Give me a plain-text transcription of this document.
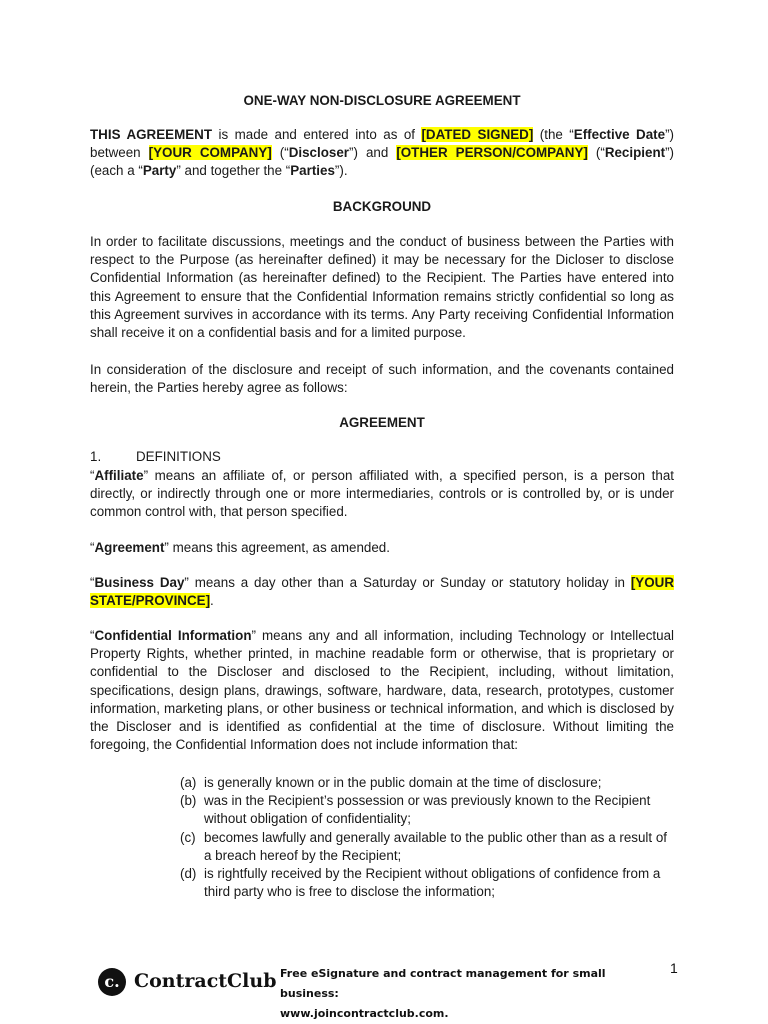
ONE-WAY NON-DISCLOSURE AGREEMENT
THIS AGREEMENT is made and entered into as of [DATED SIGNED] (the “Effective Date”) between [YOUR COMPANY] (“Discloser”) and [OTHER PERSON/COMPANY] (“Recipient”) (each a “Party” and together the “Parties”).
BACKGROUND
In order to facilitate discussions, meetings and the conduct of business between the Parties with respect to the Purpose (as hereinafter defined) it may be necessary for the Dicloser to disclose Confidential Information (as hereinafter defined) to the Recipient. The Parties have entered into this Agreement to ensure that the Confidential Information remains strictly confidential so long as this Agreement survives in accordance with its terms. Any Party receiving Confidential Information shall receive it on a confidential basis and for a limited purpose.
In consideration of the disclosure and receipt of such information, and the covenants contained herein, the Parties hereby agree as follows:
AGREEMENT
1.	DEFINITIONS
“Affiliate” means an affiliate of, or person affiliated with, a specified person, is a person that directly, or indirectly through one or more intermediaries, controls or is controlled by, or is under common control with, that person specified.
“Agreement” means this agreement, as amended.
“Business Day” means a day other than a Saturday or Sunday or statutory holiday in [YOUR STATE/PROVINCE].
“Confidential Information” means any and all information, including Technology or Intellectual Property Rights, whether printed, in machine readable form or otherwise, that is proprietary or confidential to the Discloser and disclosed to the Recipient, including, without limitation, specifications, design plans, drawings, software, hardware, data, research, prototypes, customer information, marketing plans, or other business or technical information, and which is disclosed by the Discloser and is identified as confidential at the time of disclosure. Without limiting the foregoing, the Confidential Information does not include information that:
(a) is generally known or in the public domain at the time of disclosure;
(b) was in the Recipient’s possession or was previously known to the Recipient without obligation of confidentiality;
(c) becomes lawfully and generally available to the public other than as a result of a breach hereof by the Recipient;
(d) is rightfully received by the Recipient without obligations of confidence from a third party who is free to disclose the information;
c. ContractClub Free eSignature and contract management for small business:
www.joincontractclub.com.
1
